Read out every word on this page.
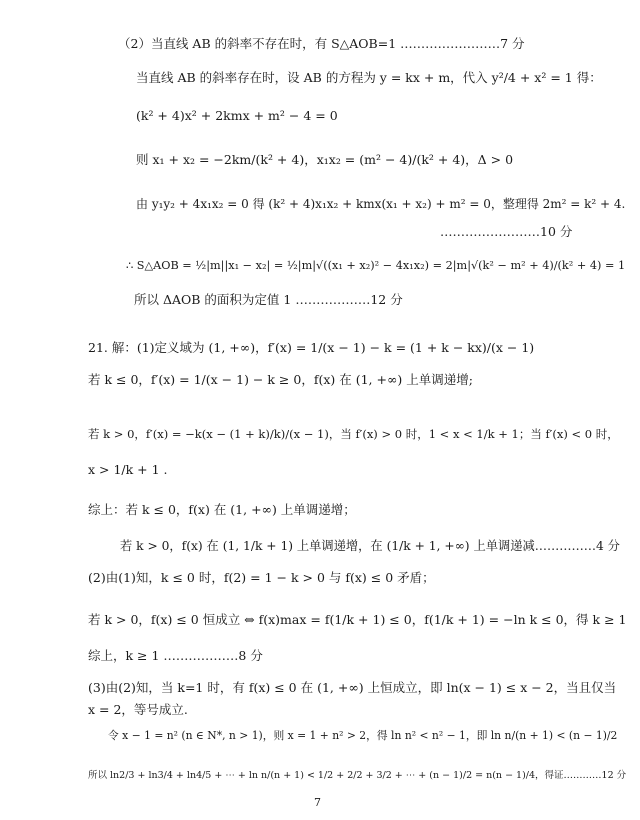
（2）当直线 AB 的斜率不存在时，有 S△AOB=1 ……………………7 分
当直线 AB 的斜率存在时，设 AB 的方程为 y = kx + m，代入 y²/4 + x² = 1 得：
(k² + 4)x² + 2kmx + m² − 4 = 0
则 x₁ + x₂ = −2km/(k² + 4)，x₁x₂ = (m² − 4)/(k² + 4)，Δ > 0
由 y₁y₂ + 4x₁x₂ = 0 得 (k² + 4)x₁x₂ + kmx(x₁ + x₂) + m² = 0，整理得 2m² = k² + 4.
……………………10 分
∴ S△AOB = ½|m||x₁ − x₂| = ½|m|√((x₁ + x₂)² − 4x₁x₂) = 2|m|√(k² − m² + 4)/(k² + 4) = 1
所以 ΔAOB 的面积为定值 1 ………………12 分
21. 解：(1)定义域为 (1, +∞)，f′(x) = 1/(x − 1) − k = (1 + k − kx)/(x − 1)
若 k ≤ 0，f′(x) = 1/(x − 1) − k ≥ 0，f(x) 在 (1, +∞) 上单调递增;
若 k > 0，f′(x) = −k(x − (1 + k)/k)/(x − 1)，当 f′(x) > 0 时，1 < x < 1/k + 1；当 f′(x) < 0 时，
x > 1/k + 1 .
综上：若 k ≤ 0，f(x) 在 (1, +∞) 上单调递增；
若 k > 0，f(x) 在 (1, 1/k + 1) 上单调递增，在 (1/k + 1, +∞) 上单调递减……………4 分
(2)由(1)知，k ≤ 0 时，f(2) = 1 − k > 0 与 f(x) ≤ 0 矛盾；
若 k > 0，f(x) ≤ 0 恒成立 ⇔ f(x)max = f(1/k + 1) ≤ 0，f(1/k + 1) = −ln k ≤ 0，得 k ≥ 1
综上，k ≥ 1 ………………8 分
(3)由(2)知，当 k=1 时，有 f(x) ≤ 0 在 (1, +∞) 上恒成立，即 ln(x − 1) ≤ x − 2，当且仅当
x = 2，等号成立.
令 x − 1 = n² (n ∈ N*, n > 1)，则 x = 1 + n² > 2，得 ln n² < n² − 1，即 ln n/(n + 1) < (n − 1)/2
所以 ln2/3 + ln3/4 + ln4/5 + ⋯ + ln n/(n + 1) < 1/2 + 2/2 + 3/2 + ⋯ + (n − 1)/2 = n(n − 1)/4，得证…………12 分
7
